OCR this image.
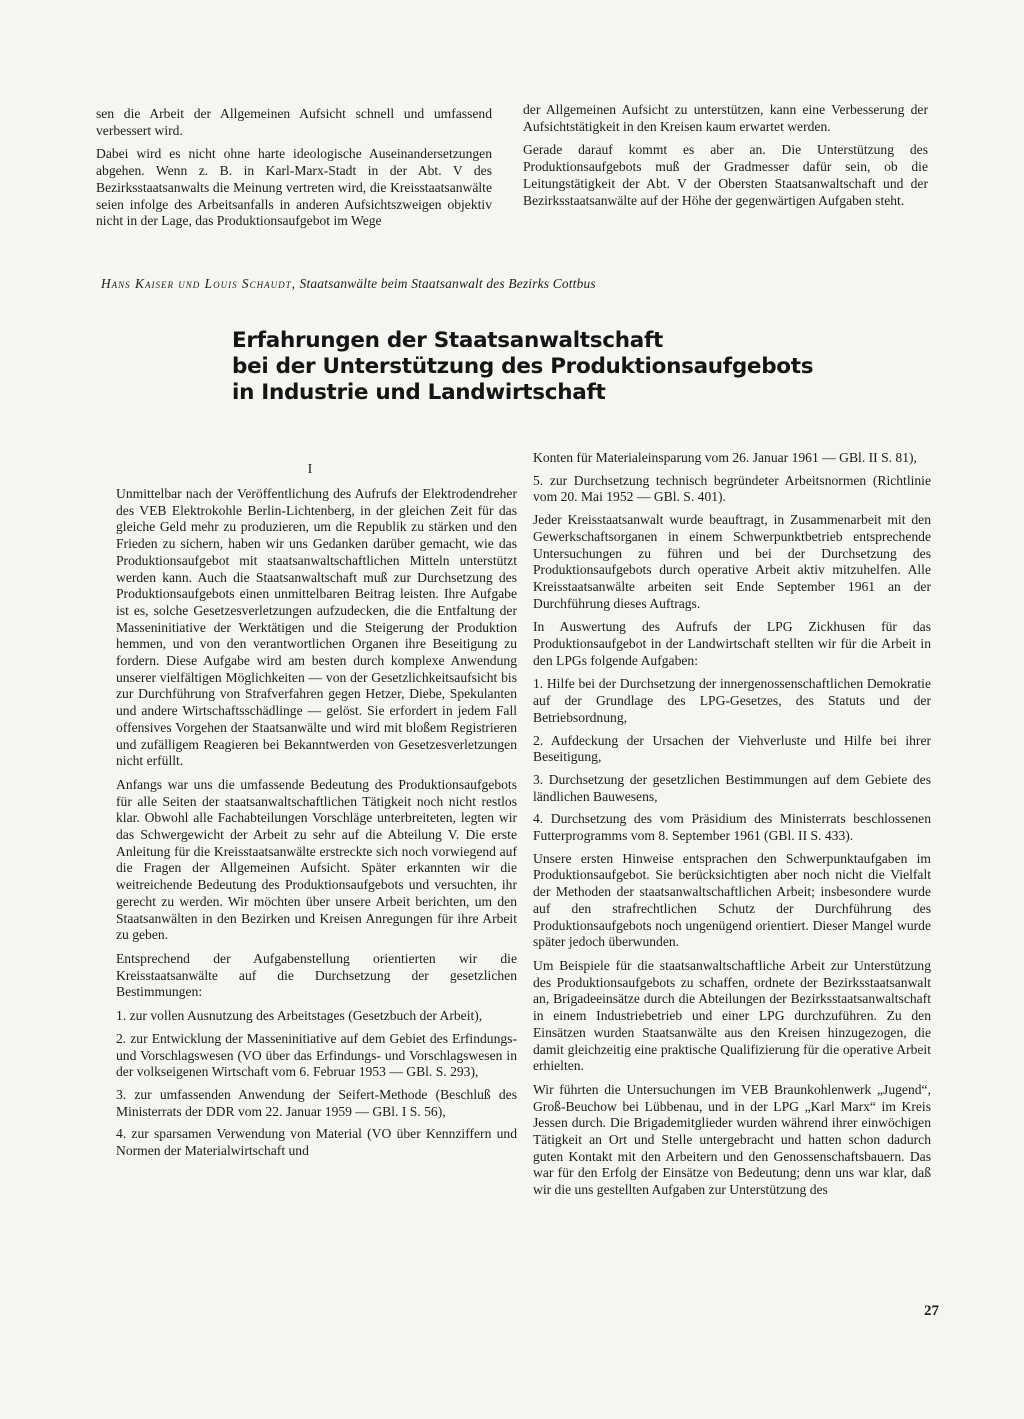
sen die Arbeit der Allgemeinen Aufsicht schnell und umfassend verbessert wird.

Dabei wird es nicht ohne harte ideologische Auseinandersetzungen abgehen. Wenn z. B. in Karl-Marx-Stadt in der Abt. V des Bezirksstaatsanwalts die Meinung vertreten wird, die Kreisstaatsanwälte seien infolge des Arbeitsanfalls in anderen Aufsichtszweigen objektiv nicht in der Lage, das Produktionsaufgebot im Wege

der Allgemeinen Aufsicht zu unterstützen, kann eine Verbesserung der Aufsichtstätigkeit in den Kreisen kaum erwartet werden.

Gerade darauf kommt es aber an. Die Unterstützung des Produktionsaufgebots muß der Gradmesser dafür sein, ob die Leitungstätigkeit der Abt. V der Obersten Staatsanwaltschaft und der Bezirksstaatsanwälte auf der Höhe der gegenwärtigen Aufgaben steht.

Hans Kaiser und Louis Schaudt, Staatsanwälte beim Staatsanwalt des Bezirks Cottbus
Erfahrungen der Staatsanwaltschaft
bei der Unterstützung des Produktionsaufgebots
in Industrie und Landwirtschaft
I

Unmittelbar nach der Veröffentlichung des Aufrufs der Elektrodendreher des VEB Elektrokohle Berlin-Lichtenberg, in der gleichen Zeit für das gleiche Geld mehr zu produzieren, um die Republik zu stärken und den Frieden zu sichern, haben wir uns Gedanken darüber gemacht, wie das Produktionsaufgebot mit staatsanwaltschaftlichen Mitteln unterstützt werden kann. Auch die Staatsanwaltschaft muß zur Durchsetzung des Produktionsaufgebots einen unmittelbaren Beitrag leisten. Ihre Aufgabe ist es, solche Gesetzesverletzungen aufzudecken, die die Entfaltung der Masseninitiative der Werktätigen und die Steigerung der Produktion hemmen, und von den verantwortlichen Organen ihre Beseitigung zu fordern. Diese Aufgabe wird am besten durch komplexe Anwendung unserer vielfältigen Möglichkeiten — von der Gesetzlichkeitsaufsicht bis zur Durchführung von Strafverfahren gegen Hetzer, Diebe, Spekulanten und andere Wirtschaftsschädlinge — gelöst. Sie erfordert in jedem Fall offensives Vorgehen der Staatsanwälte und wird mit bloßem Registrieren und zufälligem Reagieren bei Bekanntwerden von Gesetzesverletzungen nicht erfüllt.

Anfangs war uns die umfassende Bedeutung des Produktionsaufgebots für alle Seiten der staatsanwaltschaftlichen Tätigkeit noch nicht restlos klar. Obwohl alle Fachabteilungen Vorschläge unterbreiteten, legten wir das Schwergewicht der Arbeit zu sehr auf die Abteilung V. Die erste Anleitung für die Kreisstaatsanwälte erstreckte sich noch vorwiegend auf die Fragen der Allgemeinen Aufsicht. Später erkannten wir die weitreichende Bedeutung des Produktionsaufgebots und versuchten, ihr gerecht zu werden. Wir möchten über unsere Arbeit berichten, um den Staatsanwälten in den Bezirken und Kreisen Anregungen für ihre Arbeit zu geben.

Entsprechend der Aufgabenstellung orientierten wir die Kreisstaatsanwälte auf die Durchsetzung der gesetzlichen Bestimmungen:

1. zur vollen Ausnutzung des Arbeitstages (Gesetzbuch der Arbeit),

2. zur Entwicklung der Masseninitiative auf dem Gebiet des Erfindungs- und Vorschlagswesen (VO über das Erfindungs- und Vorschlagswesen in der volkseigenen Wirtschaft vom 6. Februar 1953 — GBl. S. 293),

3. zur umfassenden Anwendung der Seifert-Methode (Beschluß des Ministerrats der DDR vom 22. Januar 1959 — GBl. I S. 56),

4. zur sparsamen Verwendung von Material (VO über Kennziffern und Normen der Materialwirtschaft und

Konten für Materialeinsparung vom 26. Januar 1961 — GBl. II S. 81),

5. zur Durchsetzung technisch begründeter Arbeitsnormen (Richtlinie vom 20. Mai 1952 — GBl. S. 401).

Jeder Kreisstaatsanwalt wurde beauftragt, in Zusammenarbeit mit den Gewerkschaftsorganen in einem Schwerpunktbetrieb entsprechende Untersuchungen zu führen und bei der Durchsetzung des Produktionsaufgebots durch operative Arbeit aktiv mitzuhelfen. Alle Kreisstaatsanwälte arbeiten seit Ende September 1961 an der Durchführung dieses Auftrags.

In Auswertung des Aufrufs der LPG Zickhusen für das Produktionsaufgebot in der Landwirtschaft stellten wir für die Arbeit in den LPGs folgende Aufgaben:

1. Hilfe bei der Durchsetzung der innergenossenschaftlichen Demokratie auf der Grundlage des LPG-Gesetzes, des Statuts und der Betriebsordnung,

2. Aufdeckung der Ursachen der Viehverluste und Hilfe bei ihrer Beseitigung,

3. Durchsetzung der gesetzlichen Bestimmungen auf dem Gebiete des ländlichen Bauwesens,

4. Durchsetzung des vom Präsidium des Ministerrats beschlossenen Futterprogramms vom 8. September 1961 (GBl. II S. 433).

Unsere ersten Hinweise entsprachen den Schwerpunktaufgaben im Produktionsaufgebot. Sie berücksichtigten aber noch nicht die Vielfalt der Methoden der staatsanwaltschaftlichen Arbeit; insbesondere wurde auf den strafrechtlichen Schutz der Durchführung des Produktionsaufgebots noch ungenügend orientiert. Dieser Mangel wurde später jedoch überwunden.

Um Beispiele für die staatsanwaltschaftliche Arbeit zur Unterstützung des Produktionsaufgebots zu schaffen, ordnete der Bezirksstaatsanwalt an, Brigadeeinsätze durch die Abteilungen der Bezirksstaatsanwaltschaft in einem Industriebetrieb und einer LPG durchzuführen. Zu den Einsätzen wurden Staatsanwälte aus den Kreisen hinzugezogen, die damit gleichzeitig eine praktische Qualifizierung für die operative Arbeit erhielten.

Wir führten die Untersuchungen im VEB Braunkohlenwerk „Jugend“, Groß-Beuchow bei Lübbenau, und in der LPG „Karl Marx“ im Kreis Jessen durch. Die Brigademitglieder wurden während ihrer einwöchigen Tätigkeit an Ort und Stelle untergebracht und hatten schon dadurch guten Kontakt mit den Arbeitern und den Genossenschaftsbauern. Das war für den Erfolg der Einsätze von Bedeutung; denn uns war klar, daß wir die uns gestellten Aufgaben zur Unterstützung des

27
